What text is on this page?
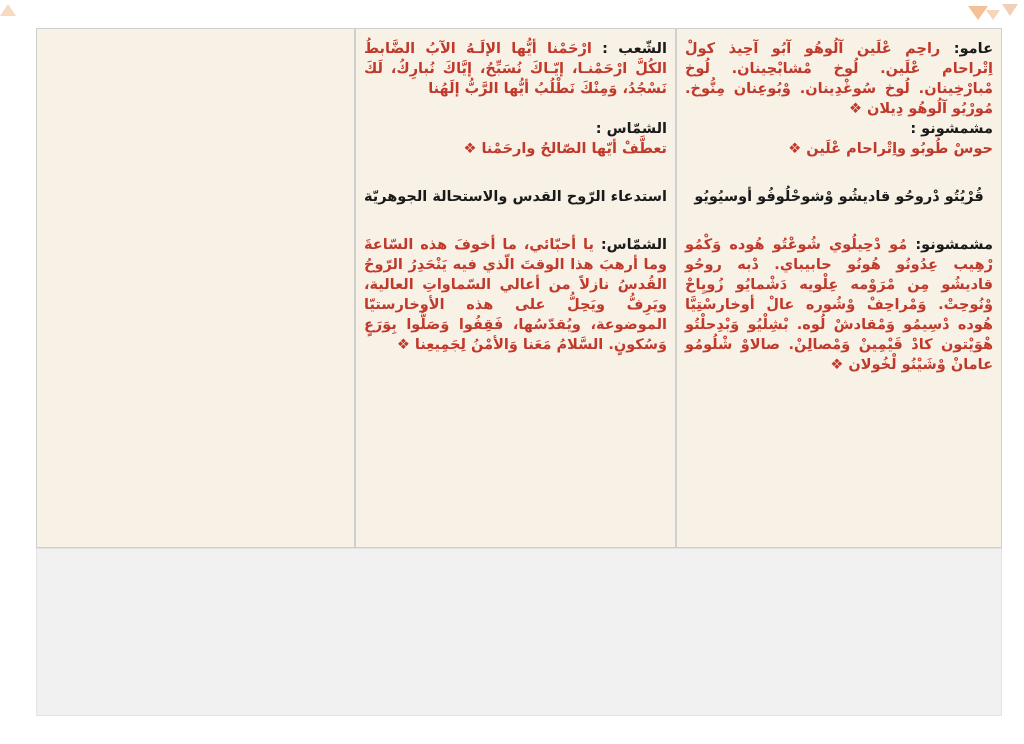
عامو: راحِم عْلَين آلُوهُو آبُو آحِيذ كولْ اِتْراحام عْلَين. لُوخ مْشابْحِينان. لُوخ مْبارْخِينان. لُوخ سُوغْدِينان. وْبُوعِنان مِنُّوخ. مُورْيُو آلُوهُو دِيلان ❖
مشمشونو :
حوسْ طُوبُو واِتْراحام عْلَين ❖
قُرْيُتُو دْروحُو قاديشُو وْشوحْلُوفُو أوسيُويُو
مشمشونو: مُو دْحِيلُوي شُوعْتُو هُوده وَكْمُو رْهِيب عِدُونُو هُونُو حابيباي. دْبه روحُو قاديشُو مِن مْرَوْمه عِلْويه دَشْمايُو زُويِاحْ وْنُوحِتْ. وَمْراحِفْ وْشُوره عالْ أوخارسْتِيَّا هُوده دْسِيمُو وَمْقادشْ لُوه. بْشِلْيُو وَبْدِحلْتُو هْوَيْتون كادْ قَيْمِينْ وَمْصالِنْ. صالاوْ شْلُومُو عامانْ وْشَيْنُو لْخُولان ❖
الشّعب : ارْحَمْنا أيُّها الإلَـهُ الآبُ الضَّابطُ الكُلَّ ارْحَمْنـا، إيّـاكَ نُسَبِّحُ، إيَّاكَ نُبارِكُ، لَكَ نَسْجُدُ، وَمِنْكَ نَطْلُبُ أيُّها الرَّبُّ إلَهُنا
الشمّاس :
تعطَّفْ أيّها الصّالحُ وارحَمْنا ❖
استدعاء الرّوح القدس والاستحالة الجوهريّة
الشمّاس: يا أحبّائي، ما أخوفَ هذه السّاعةَ وما أرهبَ هذا الوقتَ الّذي فيه يَنْحَدِرُ الرّوحُ القُدسُ نازلاً من أعالي السّماواتِ العالية، ويَرِفُّ ويَحِلُّ على هذه الأوخارستيّا الموضوعة، ويُقدّسُها، فَقِفُوا وَصَلُّوا بِوَرَعٍ وَسُكونٍ. السَّلامُ مَعَنا وَالأمْنُ لِجَمِيعِنا ❖
